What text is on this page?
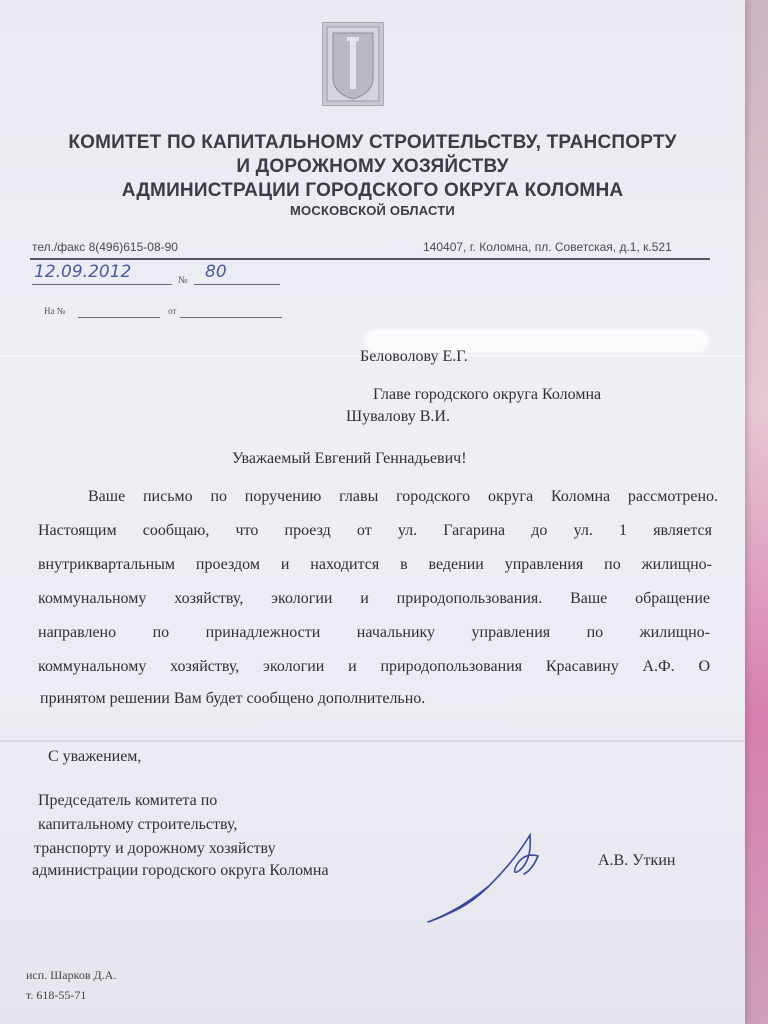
КОМИТЕТ ПО КАПИТАЛЬНОМУ СТРОИТЕЛЬСТВУ, ТРАНСПОРТУ
И ДОРОЖНОМУ ХОЗЯЙСТВУ
АДМИНИСТРАЦИИ ГОРОДСКОГО ОКРУГА КОЛОМНА
МОСКОВСКОЙ ОБЛАСТИ
тел./факс 8(496)615-08-90	140407, г. Коломна, пл. Советская, д.1, к.521
12.09.2012	№ 80
На №	от
Беловолову Е.Г.
Главе городского округа Коломна
Шувалову В.И.
Уважаемый Евгений Геннадьевич!
Ваше письмо по поручению главы городского округа Коломна рассмотрено.
Настоящим сообщаю, что проезд от ул. Гагарина до ул. 1 является
внутриквартальным проездом и находится в ведении управления по жилищно-
коммунальному хозяйству, экологии и природопользования. Ваше обращение
направлено по принадлежности начальнику управления по жилищно-
коммунальному хозяйству, экологии и природопользования Красавину А.Ф. О
принятом решении Вам будет сообщено дополнительно.
С уважением,
Председатель комитета по
капитальному строительству,
транспорту и дорожному хозяйству
администрации городского округа Коломна
А.В. Уткин
исп. Шарков Д.А.
т. 618-55-71
